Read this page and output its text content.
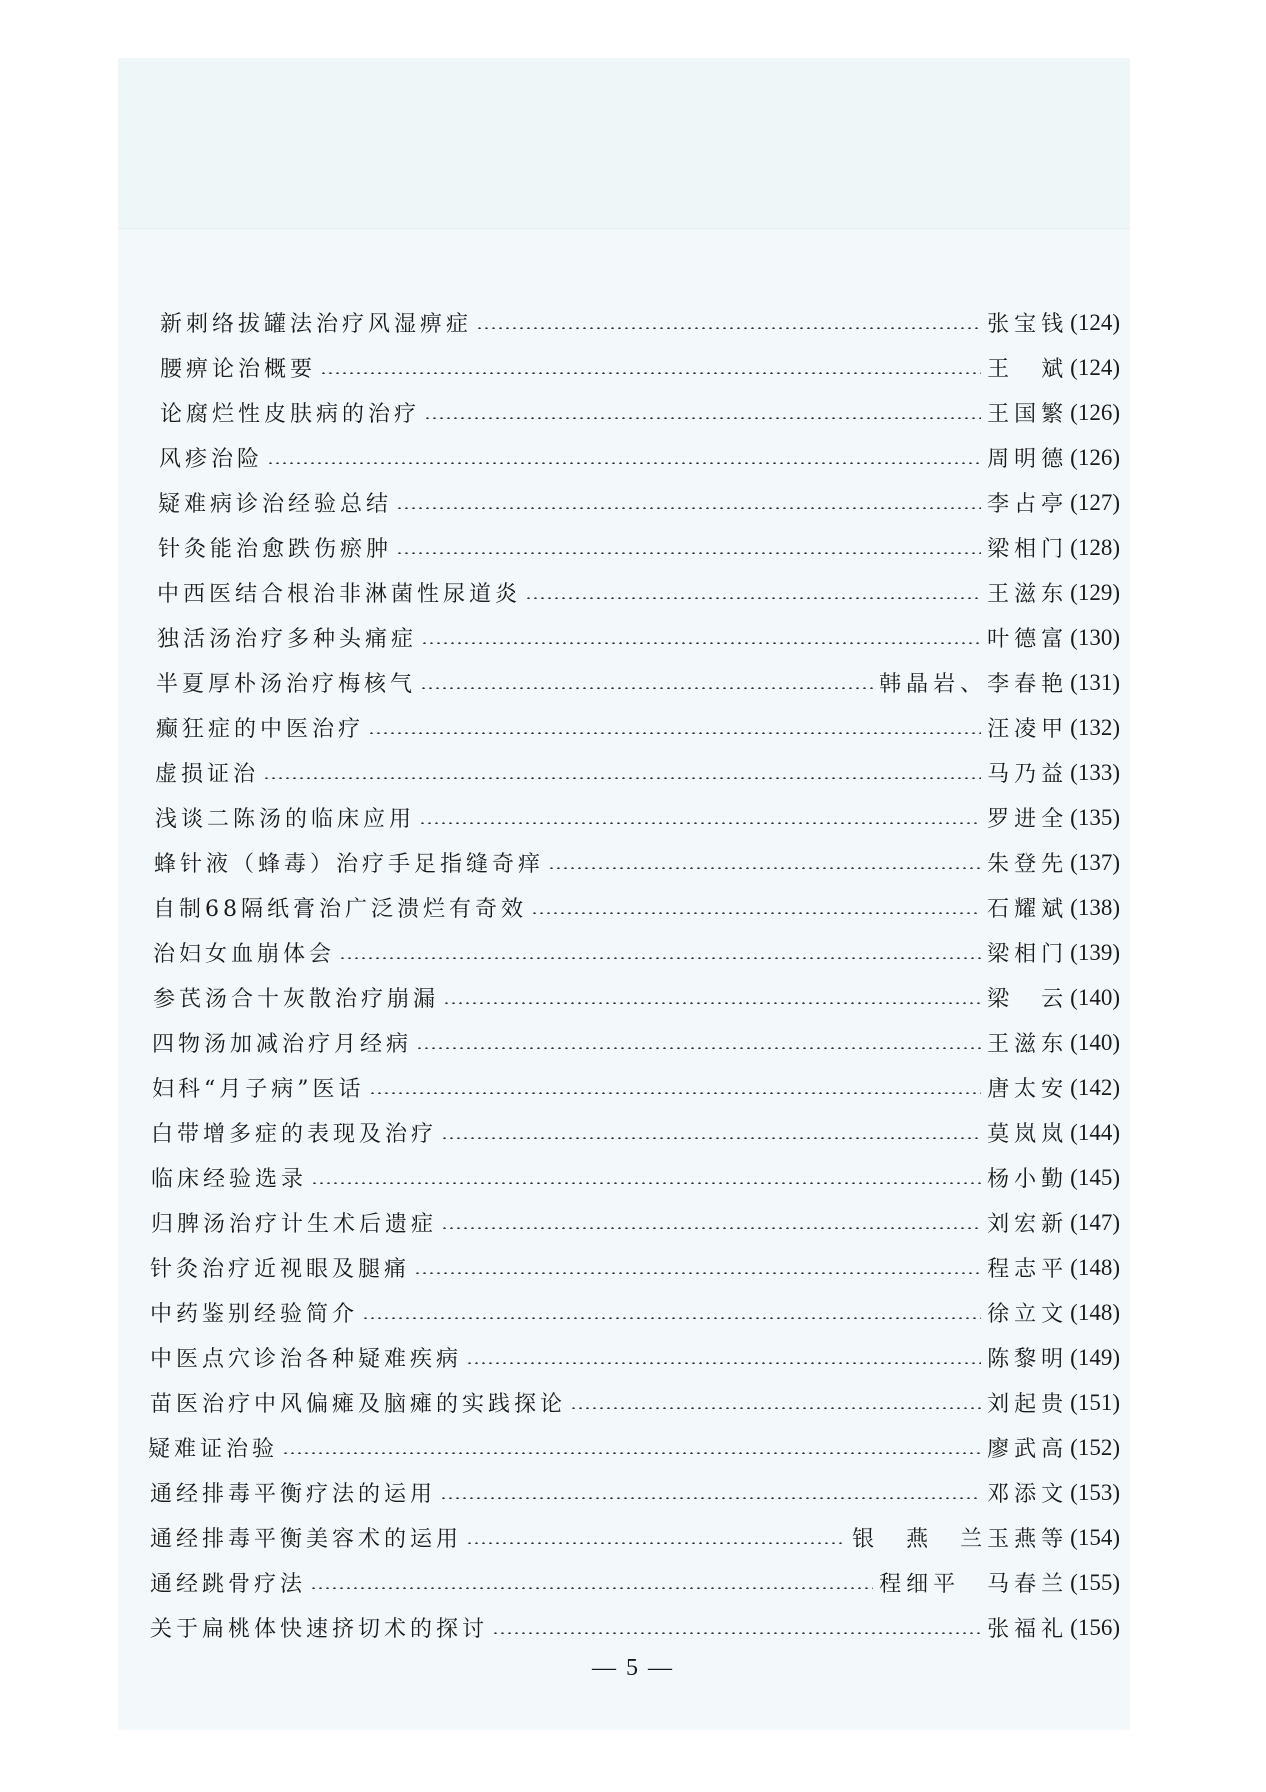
新刺络拔罐法治疗风湿痹症	张宝钱 (124)
腰痹论治概要	王　斌 (124)
论腐烂性皮肤病的治疗	王国繁 (126)
风疹治险	周明德 (126)
疑难病诊治经验总结	李占亭 (127)
针灸能治愈跌伤瘀肿	梁相门 (128)
中西医结合根治非淋菌性尿道炎	王滋东 (129)
独活汤治疗多种头痛症	叶德富 (130)
半夏厚朴汤治疗梅核气	韩晶岩、李春艳 (131)
癫狂症的中医治疗	汪凌甲 (132)
虚损证治	马乃益 (133)
浅谈二陈汤的临床应用	罗进全 (135)
蜂针液（蜂毒）治疗手足指缝奇痒	朱登先 (137)
自制68隔纸膏治广泛溃烂有奇效	石耀斌 (138)
治妇女血崩体会	梁相门 (139)
参芪汤合十灰散治疗崩漏	梁　云 (140)
四物汤加减治疗月经病	王滋东 (140)
妇科“月子病”医话	唐太安 (142)
白带增多症的表现及治疗	莫岚岚 (144)
临床经验选录	杨小勤 (145)
归脾汤治疗计生术后遗症	刘宏新 (147)
针灸治疗近视眼及腿痛	程志平 (148)
中药鉴别经验简介	徐立文 (148)
中医点穴诊治各种疑难疾病	陈黎明 (149)
苗医治疗中风偏瘫及脑瘫的实践探论	刘起贵 (151)
疑难证治验	廖武高 (152)
通经排毒平衡疗法的运用	邓添文 (153)
通经排毒平衡美容术的运用	银　燕　兰玉燕等 (154)
通经跳骨疗法	程细平　马春兰 (155)
关于扁桃体快速挤切术的探讨	张福礼 (156)
— 5 —
